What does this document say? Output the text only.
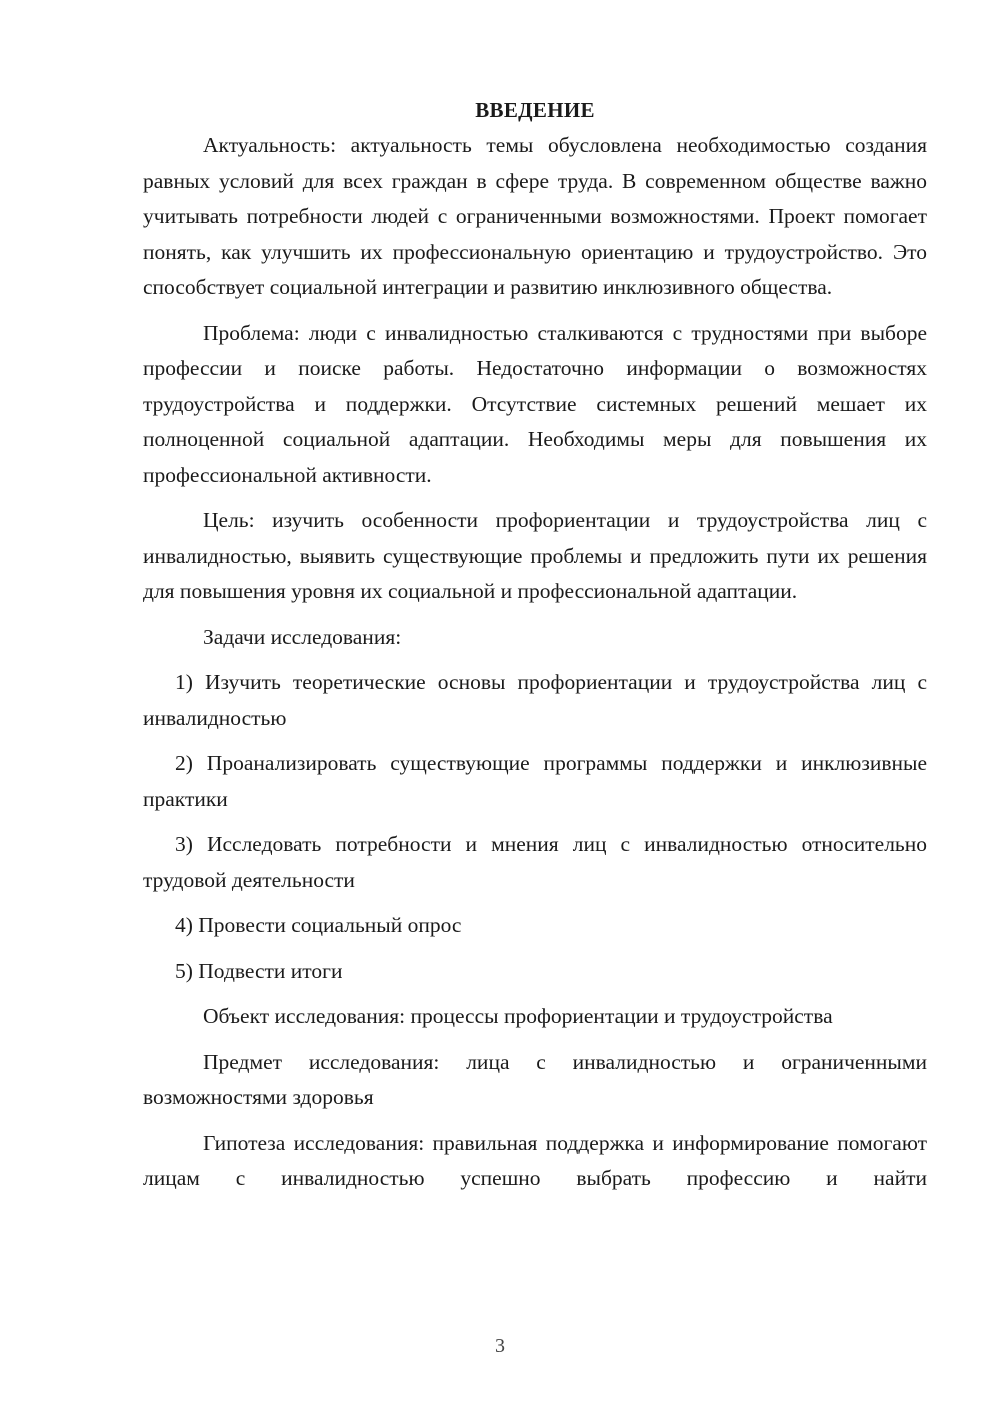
ВВЕДЕНИЕ

Актуальность: актуальность темы обусловлена необходимостью создания равных условий для всех граждан в сфере труда. В современном обществе важно учитывать потребности людей с ограниченными возможностями. Проект помогает понять, как улучшить их профессиональную ориентацию и трудоустройство. Это способствует социальной интеграции и развитию инклюзивного общества.

Проблема: люди с инвалидностью сталкиваются с трудностями при выборе профессии и поиске работы. Недостаточно информации о возможностях трудоустройства и поддержки. Отсутствие системных решений мешает их полноценной социальной адаптации. Необходимы меры для повышения их профессиональной активности.

Цель: изучить особенности профориентации и трудоустройства лиц с инвалидностью, выявить существующие проблемы и предложить пути их решения для повышения уровня их социальной и профессиональной адаптации.

Задачи исследования:

1) Изучить теоретические основы профориентации и трудоустройства лиц с инвалидностью

2) Проанализировать существующие программы поддержки и инклюзивные практики

3) Исследовать потребности и мнения лиц с инвалидностью относительно трудовой деятельности

4) Провести социальный опрос

5) Подвести итоги

Объект исследования: процессы профориентации и трудоустройства

Предмет исследования: лица с инвалидностью и ограниченными возможностями здоровья

Гипотеза исследования: правильная поддержка и информирование помогают лицам с инвалидностью успешно выбрать профессию и найти

3
